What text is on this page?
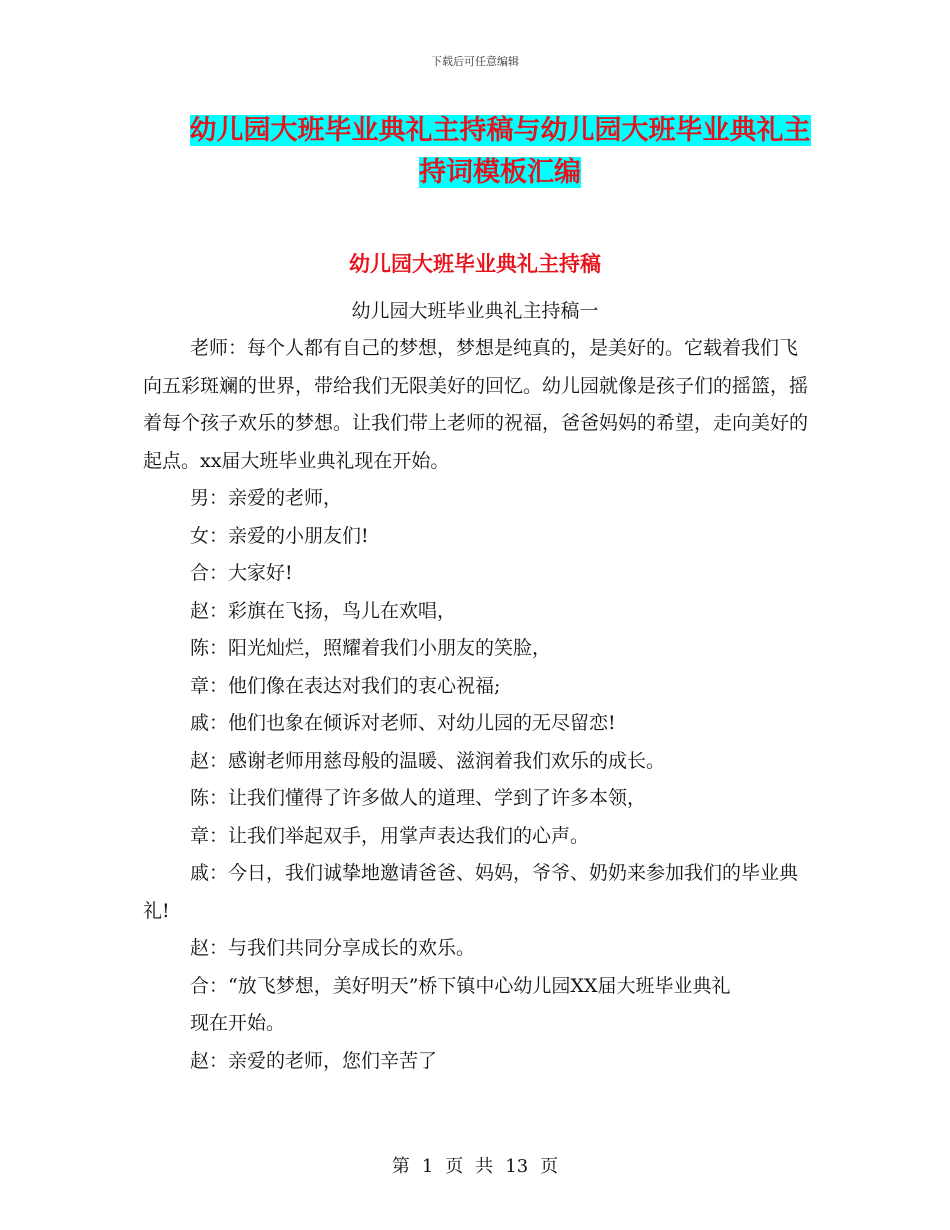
下载后可任意编辑
幼儿园大班毕业典礼主持稿与幼儿园大班毕业典礼主
持词模板汇编
幼儿园大班毕业典礼主持稿
幼儿园大班毕业典礼主持稿一

老师：每个人都有自己的梦想，梦想是纯真的，是美好的。它载着我们飞向五彩斑斓的世界，带给我们无限美好的回忆。幼儿园就像是孩子们的摇篮，摇着每个孩子欢乐的梦想。让我们带上老师的祝福，爸爸妈妈的希望，走向美好的起点。xx届大班毕业典礼现在开始。

男：亲爱的老师，

女：亲爱的小朋友们!

合：大家好!

赵：彩旗在飞扬，鸟儿在欢唱，

陈：阳光灿烂，照耀着我们小朋友的笑脸，

章：他们像在表达对我们的衷心祝福;

戚：他们也象在倾诉对老师、对幼儿园的无尽留恋!

赵：感谢老师用慈母般的温暖、滋润着我们欢乐的成长。

陈：让我们懂得了许多做人的道理、学到了许多本领，

章：让我们举起双手，用掌声表达我们的心声。

戚：今日，我们诚挚地邀请爸爸、妈妈，爷爷、奶奶来参加我们的毕业典礼!

赵：与我们共同分享成长的欢乐。

合：“放飞梦想，美好明天”桥下镇中心幼儿园XX届大班毕业典礼

现在开始。

赵：亲爱的老师，您们辛苦了

第 1 页 共 13 页
